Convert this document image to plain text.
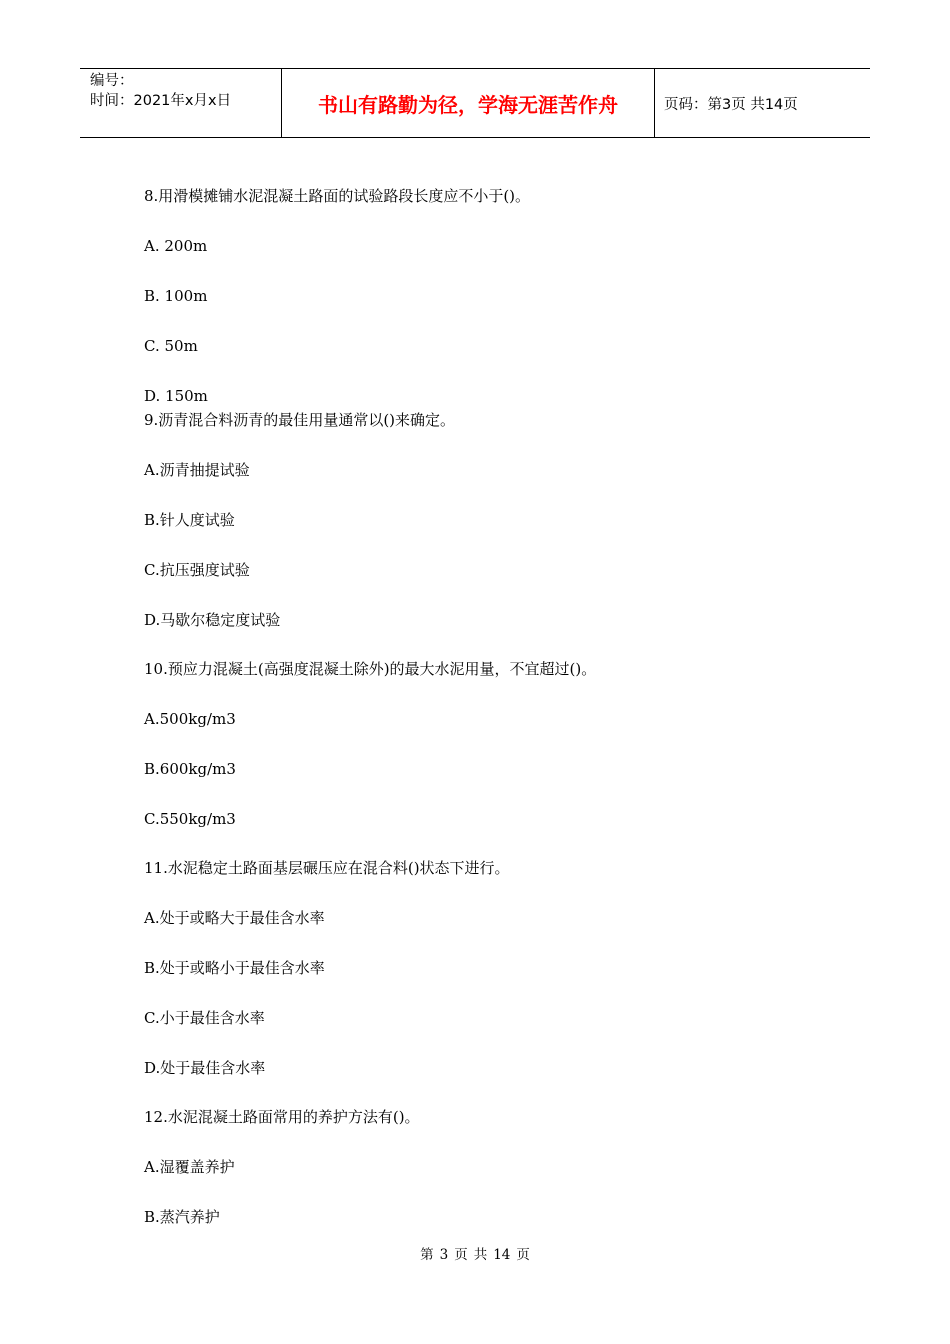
编号：
时间：2021年x月x日	书山有路勤为径，学海无涯苦作舟	页码：第3页 共14页
8.用滑模摊铺水泥混凝土路面的试验路段长度应不小于()。
A. 200m
B. 100m
C. 50m
D. 150m
9.沥青混合料沥青的最佳用量通常以()来确定。
A.沥青抽提试验
B.针人度试验
C.抗压强度试验
D.马歇尔稳定度试验
10.预应力混凝土(高强度混凝土除外)的最大水泥用量，不宜超过()。
A.500kg/m3
B.600kg/m3
C.550kg/m3
11.水泥稳定土路面基层碾压应在混合料()状态下进行。
A.处于或略大于最佳含水率
B.处于或略小于最佳含水率
C.小于最佳含水率
D.处于最佳含水率
12.水泥混凝土路面常用的养护方法有()。
A.湿覆盖养护
B.蒸汽养护
第 3 页 共 14 页
